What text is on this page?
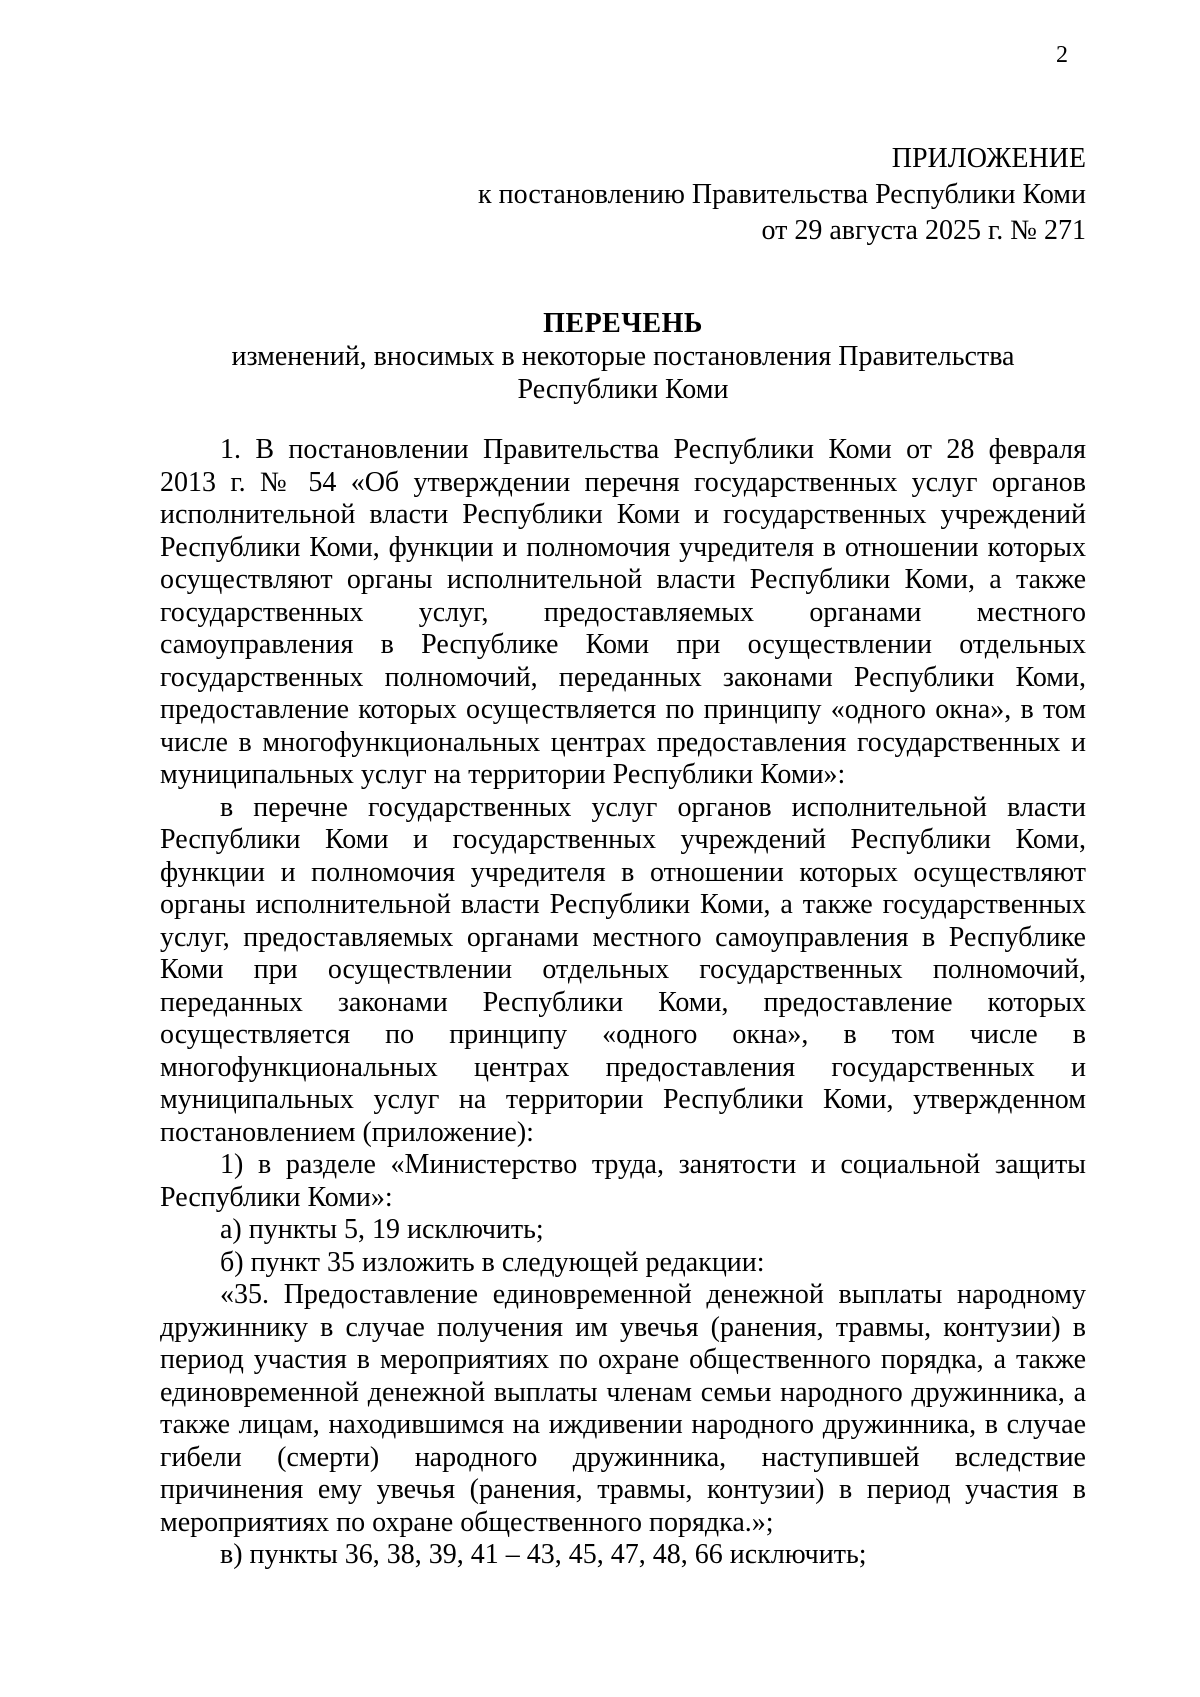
2
ПРИЛОЖЕНИЕ
к постановлению Правительства Республики Коми
от 29 августа 2025 г. № 271
ПЕРЕЧЕНЬ
изменений, вносимых в некоторые постановления Правительства
Республики Коми
1. В постановлении Правительства Республики Коми от 28 февраля
2013 г. № 54 «Об утверждении перечня государственных услуг органов
исполнительной власти Республики Коми и государственных учреждений
Республики Коми, функции и полномочия учредителя в отношении которых
осуществляют органы исполнительной власти Республики Коми, а также
государственных услуг, предоставляемых органами местного
самоуправления в Республике Коми при осуществлении отдельных
государственных полномочий, переданных законами Республики Коми,
предоставление которых осуществляется по принципу «одного окна», в том
числе в многофункциональных центрах предоставления государственных и
муниципальных услуг на территории Республики Коми»:
в перечне государственных услуг органов исполнительной власти
Республики Коми и государственных учреждений Республики Коми,
функции и полномочия учредителя в отношении которых осуществляют
органы исполнительной власти Республики Коми, а также государственных
услуг, предоставляемых органами местного самоуправления в Республике
Коми при осуществлении отдельных государственных полномочий,
переданных законами Республики Коми, предоставление которых
осуществляется по принципу «одного окна», в том числе в
многофункциональных центрах предоставления государственных и
муниципальных услуг на территории Республики Коми, утвержденном
постановлением (приложение):
1) в разделе «Министерство труда, занятости и социальной защиты
Республики Коми»:
а) пункты 5, 19 исключить;
б) пункт 35 изложить в следующей редакции:
«35. Предоставление единовременной денежной выплаты народному
дружиннику в случае получения им увечья (ранения, травмы, контузии) в
период участия в мероприятиях по охране общественного порядка, а также
единовременной денежной выплаты членам семьи народного дружинника, а
также лицам, находившимся на иждивении народного дружинника, в случае
гибели (смерти) народного дружинника, наступившей вследствие
причинения ему увечья (ранения, травмы, контузии) в период участия в
мероприятиях по охране общественного порядка.»;
в) пункты 36, 38, 39, 41 – 43, 45, 47, 48, 66 исключить;
